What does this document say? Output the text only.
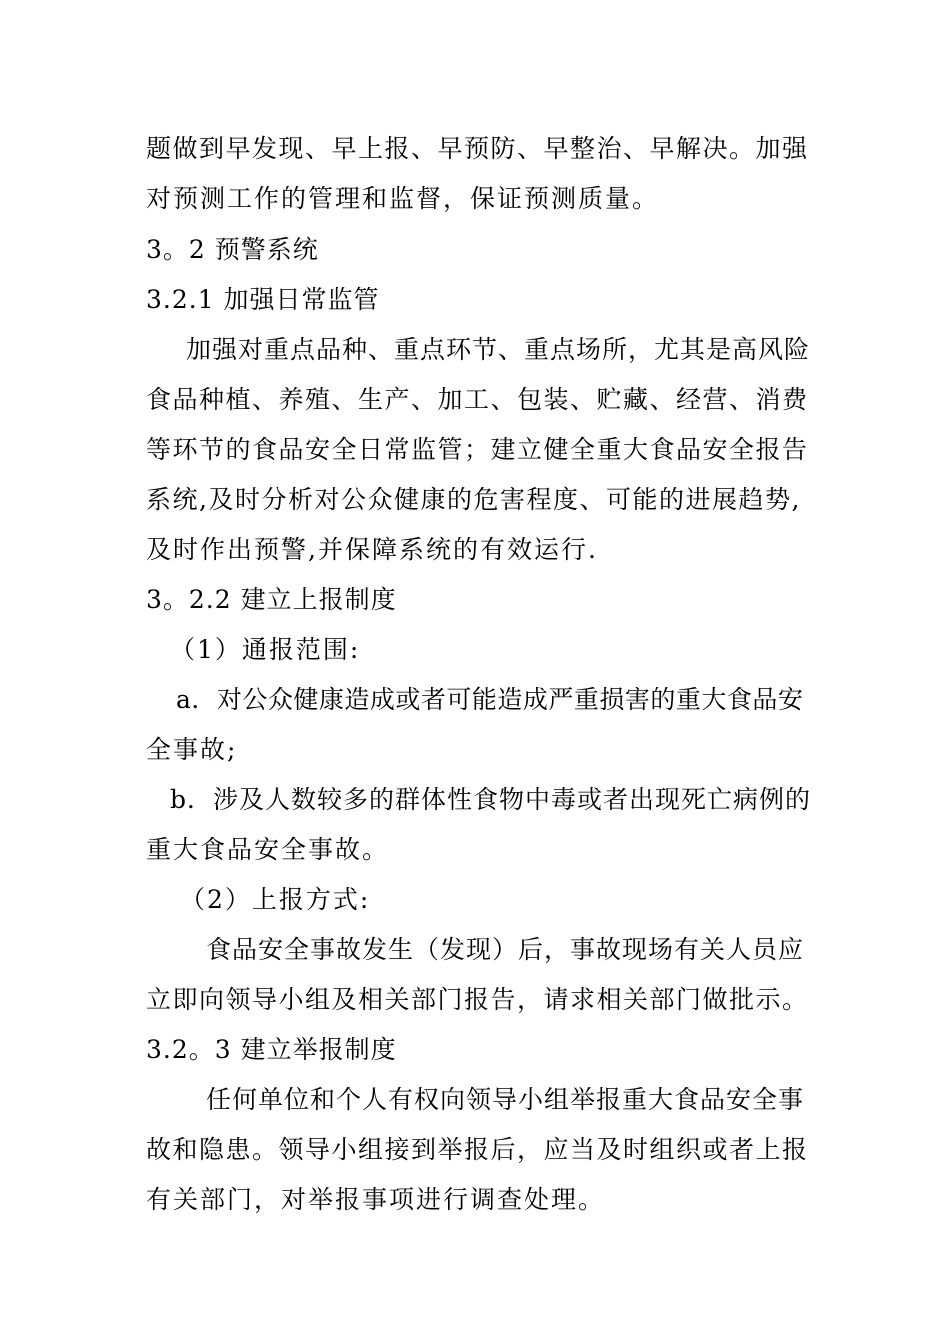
题做到早发现、早上报、早预防、早整治、早解决。加强
对预测工作的管理和监督，保证预测质量。
3。2 预警系统
3.2.1 加强日常监管
加强对重点品种、重点环节、重点场所，尤其是高风险
食品种植、养殖、生产、加工、包装、贮藏、经营、消费
等环节的食品安全日常监管；建立健全重大食品安全报告
系统,及时分析对公众健康的危害程度、可能的进展趋势,
及时作出预警,并保障系统的有效运行.
3。2.2 建立上报制度
（1）通报范围:
a．对公众健康造成或者可能造成严重损害的重大食品安
全事故;
b．涉及人数较多的群体性食物中毒或者出现死亡病例的
重大食品安全事故。
（2）上报方式:
食品安全事故发生（发现）后，事故现场有关人员应
立即向领导小组及相关部门报告，请求相关部门做批示。
3.2。3 建立举报制度
任何单位和个人有权向领导小组举报重大食品安全事
故和隐患。领导小组接到举报后，应当及时组织或者上报
有关部门，对举报事项进行调查处理。
